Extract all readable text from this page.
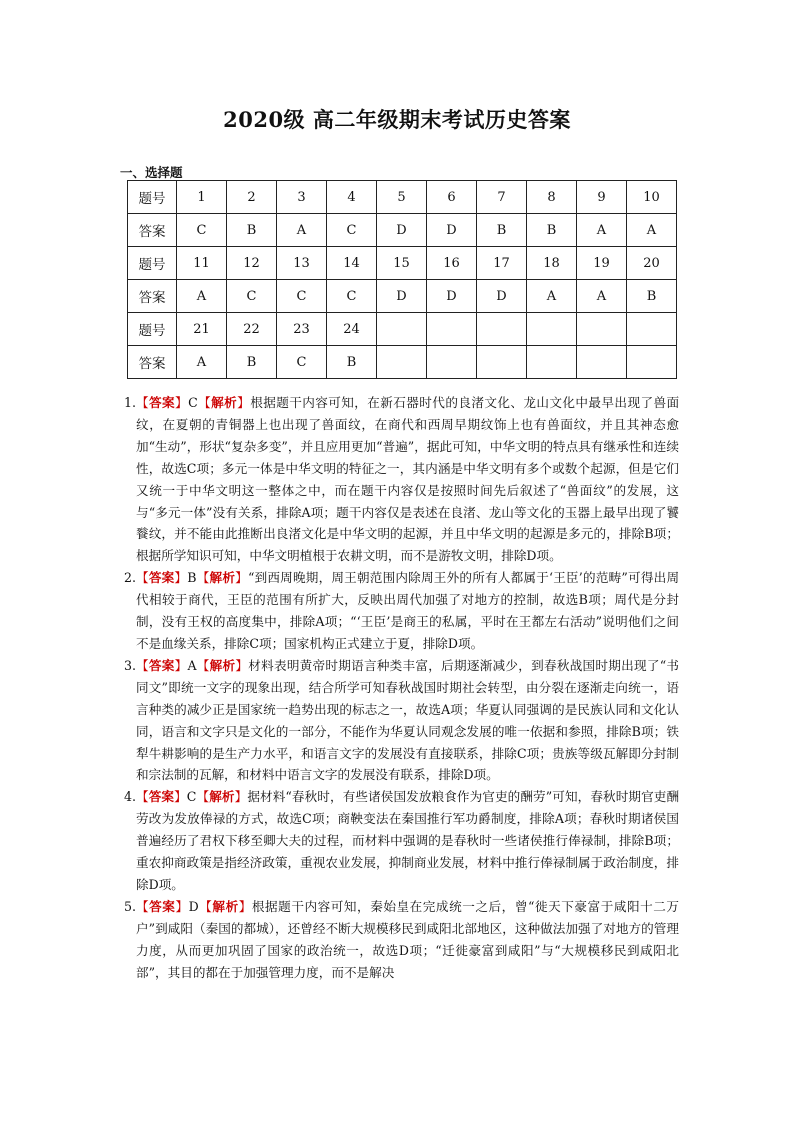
2020级 高二年级期末考试历史答案
一、选择题
题号	1	2	3	4	5	6	7	8	9	10
答案	C	B	A	C	D	D	B	B	A	A
题号	11	12	13	14	15	16	17	18	19	20
答案	A	C	C	C	D	D	D	A	A	B
题号	21	22	23	24						
答案	A	B	C	B						
1. 【答案】C【解析】根据题干内容可知，在新石器时代的良渚文化、龙山文化中最早出现了兽面纹，在夏朝的青铜器上也出现了兽面纹，在商代和西周早期纹饰上也有兽面纹，并且其神态愈加“生动”，形状“复杂多变”，并且应用更加“普遍”，据此可知，中华文明的特点具有继承性和连续性，故选C项；多元一体是中华文明的特征之一，其内涵是中华文明有多个或数个起源，但是它们又统一于中华文明这一整体之中，而在题干内容仅是按照时间先后叙述了“兽面纹”的发展，这与“多元一体”没有关系，排除A项；题干内容仅是表述在良渚、龙山等文化的玉器上最早出现了饕餮纹，并不能由此推断出良渚文化是中华文明的起源，并且中华文明的起源是多元的，排除B项；根据所学知识可知，中华文明植根于农耕文明，而不是游牧文明，排除D项。
2. 【答案】B【解析】“到西周晚期，周王朝范围内除周王外的所有人都属于‘王臣’的范畴”可得出周代相较于商代，王臣的范围有所扩大，反映出周代加强了对地方的控制，故选B项；周代是分封制，没有王权的高度集中，排除A项；“‘王臣’是商王的私属，平时在王都左右活动”说明他们之间不是血缘关系，排除C项；国家机构正式建立于夏，排除D项。
3. 【答案】A【解析】材料表明黄帝时期语言种类丰富，后期逐渐减少，到春秋战国时期出现了“书同文”即统一文字的现象出现，结合所学可知春秋战国时期社会转型，由分裂在逐渐走向统一，语言种类的减少正是国家统一趋势出现的标志之一，故选A项；华夏认同强调的是民族认同和文化认同，语言和文字只是文化的一部分，不能作为华夏认同观念发展的唯一依据和参照，排除B项；铁犁牛耕影响的是生产力水平，和语言文字的发展没有直接联系，排除C项；贵族等级瓦解即分封制和宗法制的瓦解，和材料中语言文字的发展没有联系，排除D项。
4. 【答案】C【解析】据材料“春秋时，有些诸侯国发放粮食作为官吏的酬劳”可知，春秋时期官吏酬劳改为发放俸禄的方式，故选C项；商鞅变法在秦国推行军功爵制度，排除A项；春秋时期诸侯国普遍经历了君权下移至卿大夫的过程，而材料中强调的是春秋时一些诸侯推行俸禄制，排除B项；重农抑商政策是指经济政策，重视农业发展，抑制商业发展，材料中推行俸禄制属于政治制度，排除D项。
5. 【答案】D【解析】根据题干内容可知，秦始皇在完成统一之后，曾“徙天下豪富于咸阳十二万户”到咸阳（秦国的都城），还曾经不断大规模移民到咸阳北部地区，这种做法加强了对地方的管理力度，从而更加巩固了国家的政治统一，故选D项；“迁徙豪富到咸阳”与“大规模移民到咸阳北部”，其目的都在于加强管理力度，而不是解决
